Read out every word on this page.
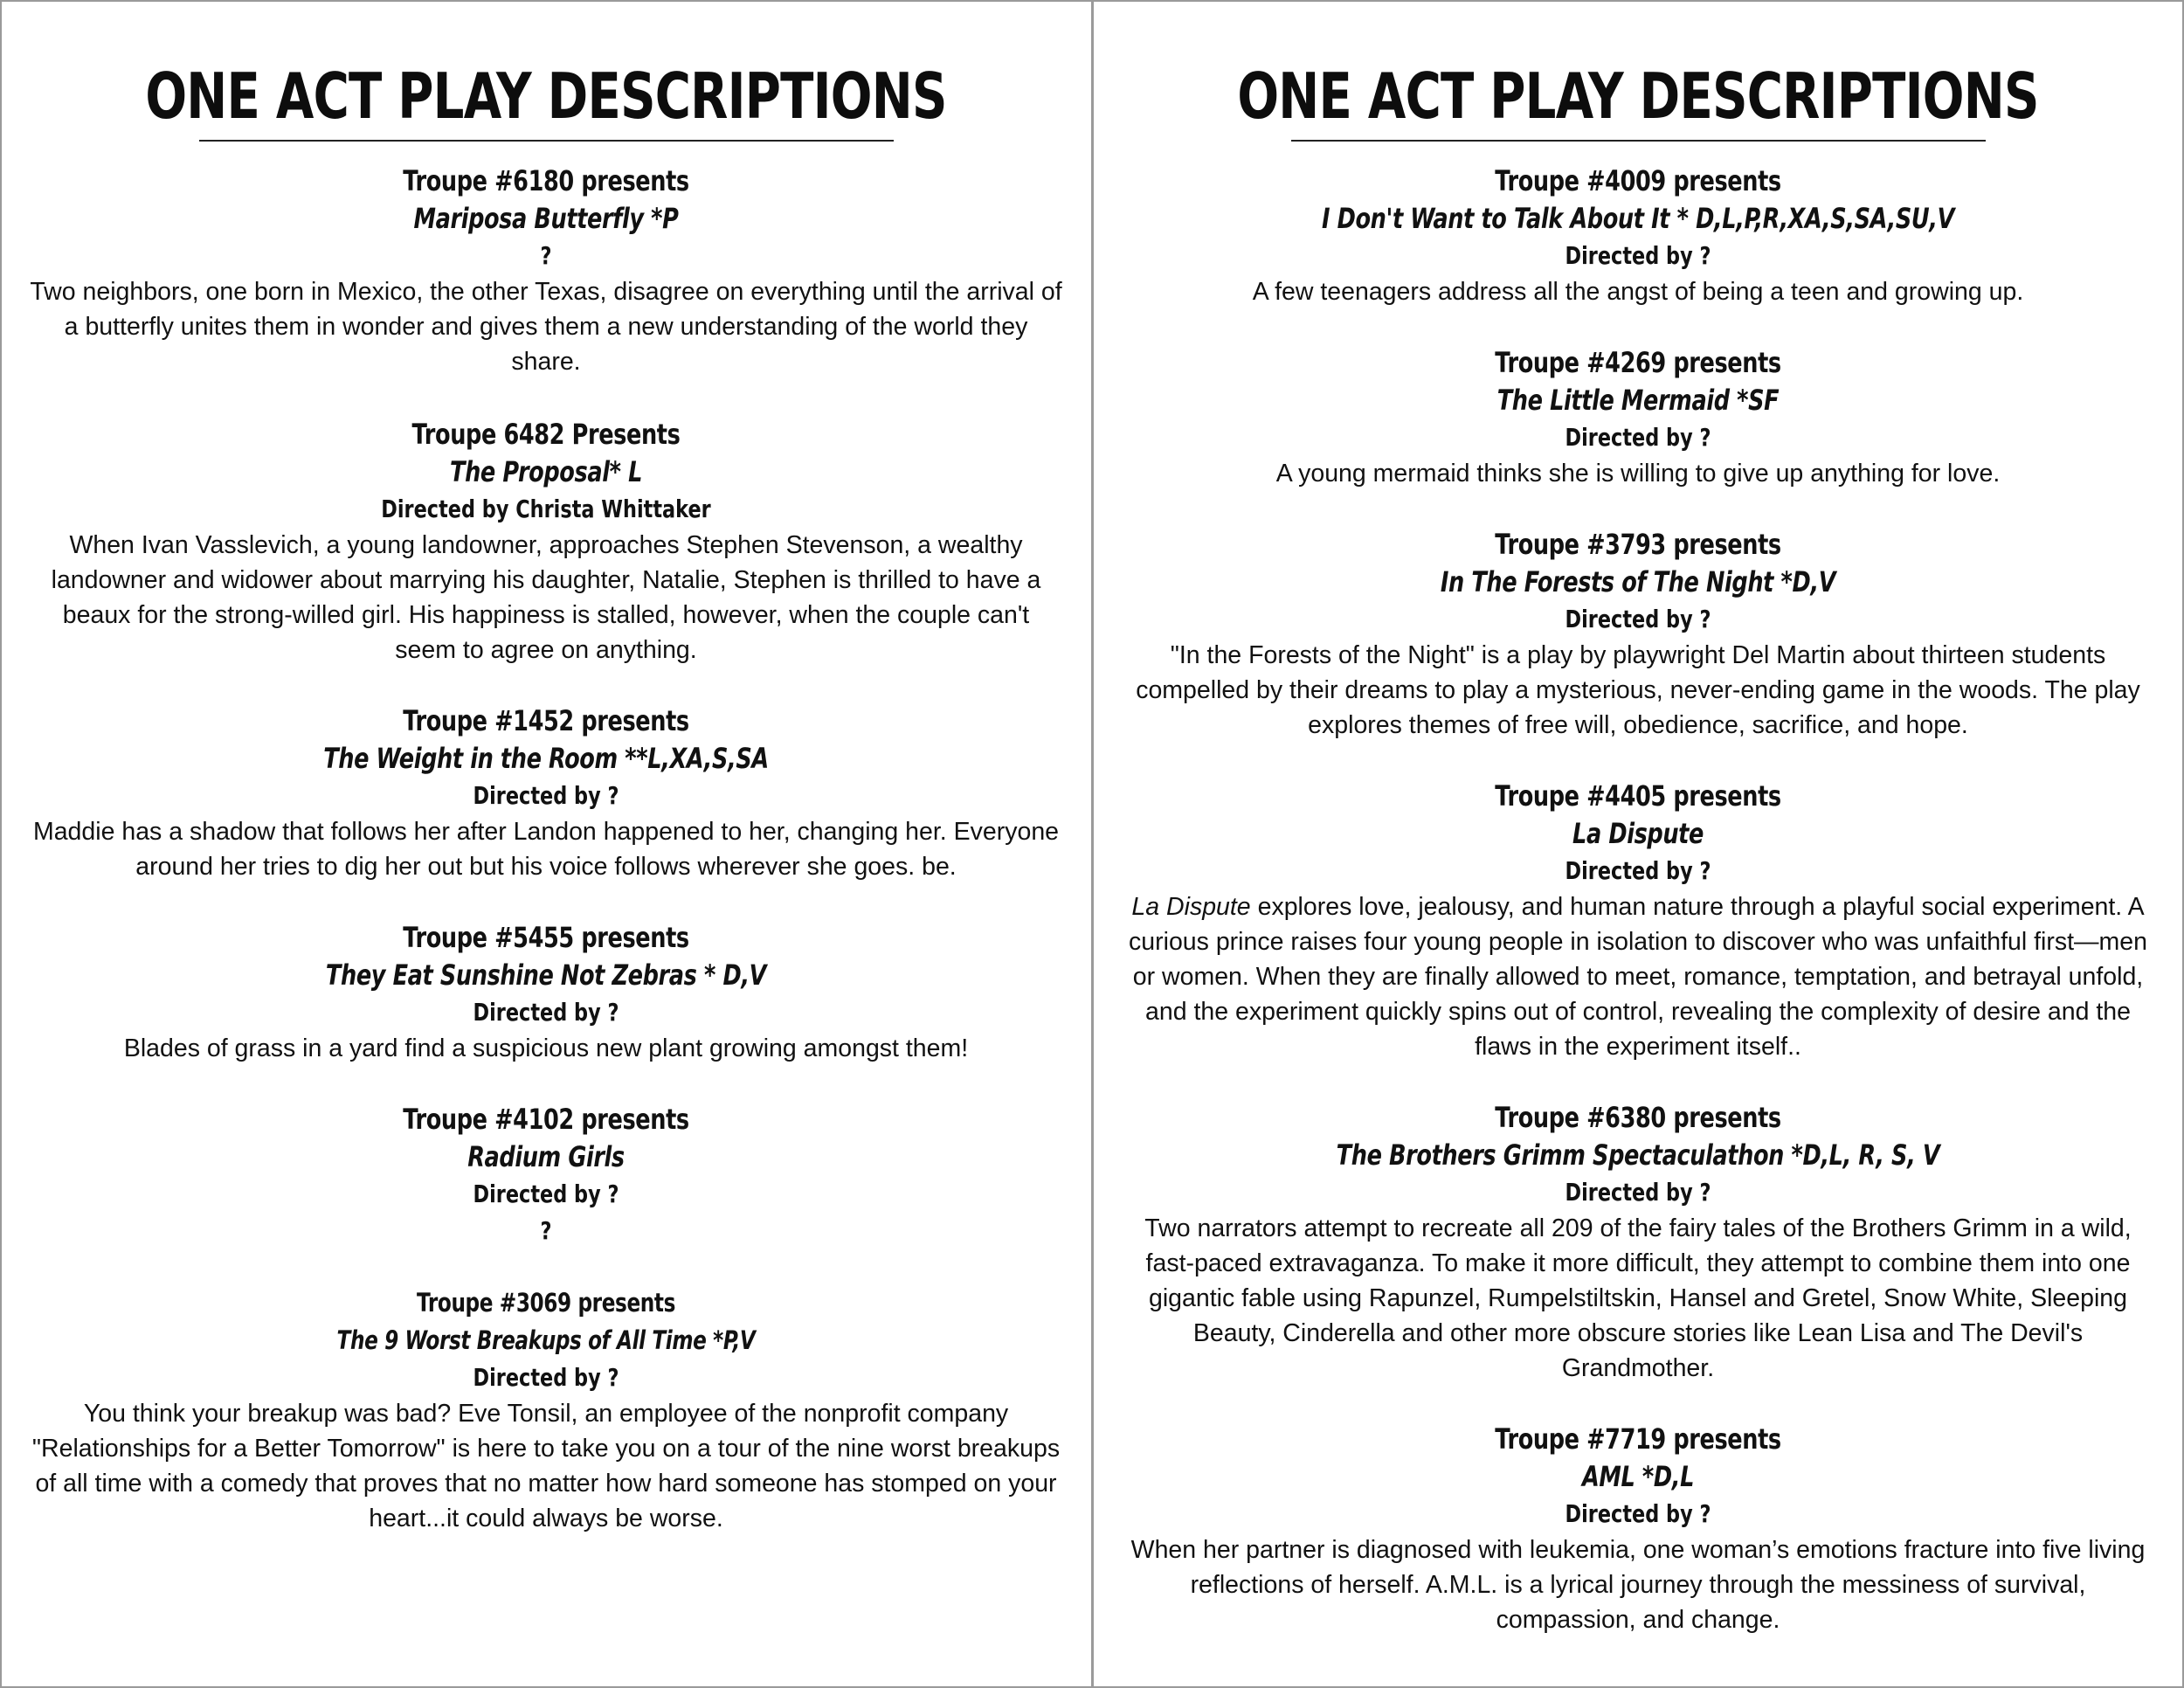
ONE ACT PLAY DESCRIPTIONS
Troupe #6180 presents
Mariposa Butterfly *P
?
Two neighbors, one born in Mexico, the other Texas, disagree on everything until the arrival of a butterfly unites them in wonder and gives them a new understanding of the world they share.
Troupe 6482 Presents
The Proposal* L
Directed by Christa Whittaker
When Ivan Vasslevich, a young landowner, approaches Stephen Stevenson, a wealthy landowner and widower about marrying his daughter, Natalie, Stephen is thrilled to have a beaux for the strong-willed girl. His happiness is stalled, however, when the couple can't seem to agree on anything.
Troupe #1452 presents
The Weight in the Room **L,XA,S,SA
Directed by ?
Maddie has a shadow that follows her after Landon happened to her, changing her. Everyone around her tries to dig her out but his voice follows wherever she goes. be.
Troupe #5455 presents
They Eat Sunshine Not Zebras * D,V
Directed by ?
Blades of grass in a yard find a suspicious new plant growing amongst them!
Troupe #4102 presents
Radium Girls
Directed by ?
?
Troupe #3069 presents
The 9 Worst Breakups of All Time *P,V
Directed by ?
You think your breakup was bad? Eve Tonsil, an employee of the nonprofit company "Relationships for a Better Tomorrow" is here to take you on a tour of the nine worst breakups of all time with a comedy that proves that no matter how hard someone has stomped on your heart...it could always be worse.
ONE ACT PLAY DESCRIPTIONS
Troupe #4009 presents
I Don't Want to Talk About It * D,L,P,R,XA,S,SA,SU,V
Directed by ?
A few teenagers address all the angst of being a teen and growing up.
Troupe #4269 presents
The Little Mermaid *SF
Directed by ?
A young mermaid thinks she is willing to give up anything for love.
Troupe #3793 presents
In The Forests of The Night *D,V
Directed by ?
"In the Forests of the Night" is a play by playwright Del Martin about thirteen students compelled by their dreams to play a mysterious, never-ending game in the woods. The play explores themes of free will, obedience, sacrifice, and hope.
Troupe #4405 presents
La Dispute
Directed by ?
La Dispute explores love, jealousy, and human nature through a playful social experiment. A curious prince raises four young people in isolation to discover who was unfaithful first—men or women. When they are finally allowed to meet, romance, temptation, and betrayal unfold, and the experiment quickly spins out of control, revealing the complexity of desire and the flaws in the experiment itself..
Troupe #6380 presents
The Brothers Grimm Spectaculathon *D,L, R, S, V
Directed by ?
Two narrators attempt to recreate all 209 of the fairy tales of the Brothers Grimm in a wild, fast-paced extravaganza. To make it more difficult, they attempt to combine them into one gigantic fable using Rapunzel, Rumpelstiltskin, Hansel and Gretel, Snow White, Sleeping Beauty, Cinderella and other more obscure stories like Lean Lisa and The Devil's Grandmother.
Troupe #7719 presents
AML *D,L
Directed by ?
When her partner is diagnosed with leukemia, one woman’s emotions fracture into five living reflections of herself. A.M.L. is a lyrical journey through the messiness of survival, compassion, and change.
